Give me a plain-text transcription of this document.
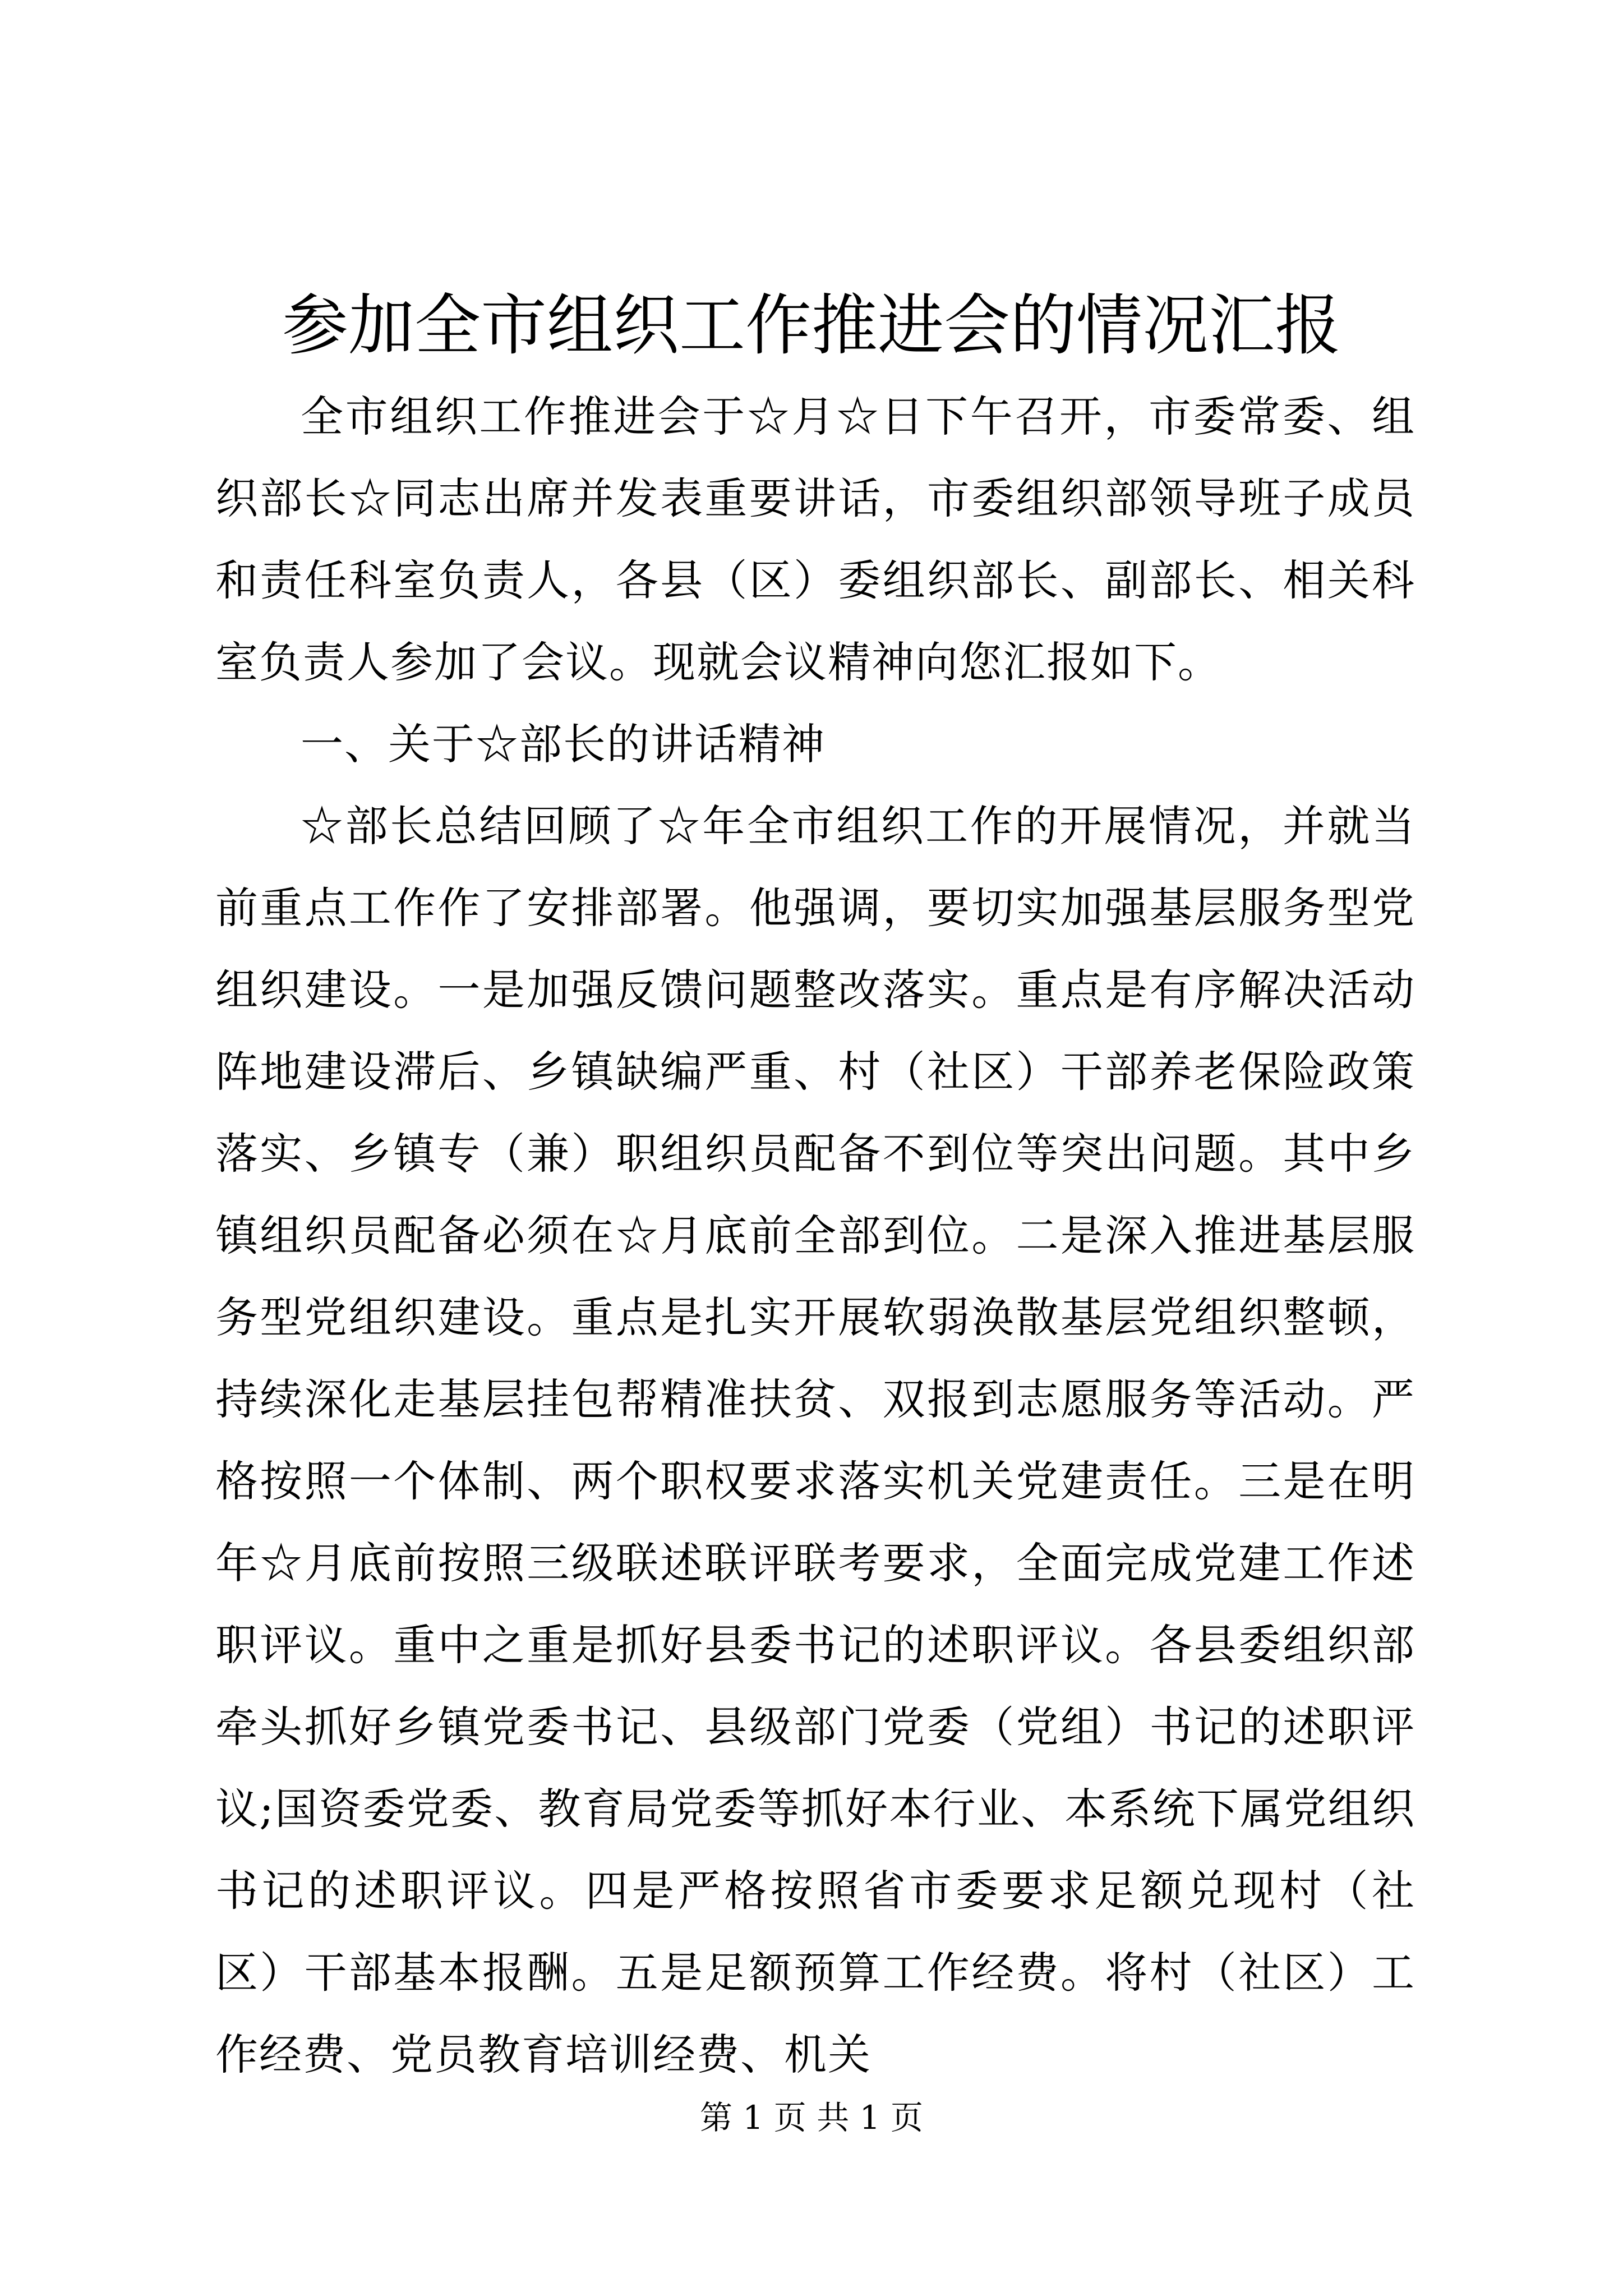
参加全市组织工作推进会的情况汇报

全市组织工作推进会于☆月☆日下午召开，市委常委、组织部长☆同志出席并发表重要讲话，市委组织部领导班子成员和责任科室负责人，各县（区）委组织部长、副部长、相关科室负责人参加了会议。现就会议精神向您汇报如下。

一、关于☆部长的讲话精神

☆部长总结回顾了☆年全市组织工作的开展情况，并就当前重点工作作了安排部署。他强调，要切实加强基层服务型党组织建设。一是加强反馈问题整改落实。重点是有序解决活动阵地建设滞后、乡镇缺编严重、村（社区）干部养老保险政策落实、乡镇专（兼）职组织员配备不到位等突出问题。其中乡镇组织员配备必须在☆月底前全部到位。二是深入推进基层服务型党组织建设。重点是扎实开展软弱涣散基层党组织整顿，持续深化走基层挂包帮精准扶贫、双报到志愿服务等活动。严格按照一个体制、两个职权要求落实机关党建责任。三是在明年☆月底前按照三级联述联评联考要求，全面完成党建工作述职评议。重中之重是抓好县委书记的述职评议。各县委组织部牵头抓好乡镇党委书记、县级部门党委（党组）书记的述职评议;国资委党委、教育局党委等抓好本行业、本系统下属党组织书记的述职评议。四是严格按照省市委要求足额兑现村（社区）干部基本报酬。五是足额预算工作经费。将村（社区）工作经费、党员教育培训经费、机关

第 1 页 共 1 页
